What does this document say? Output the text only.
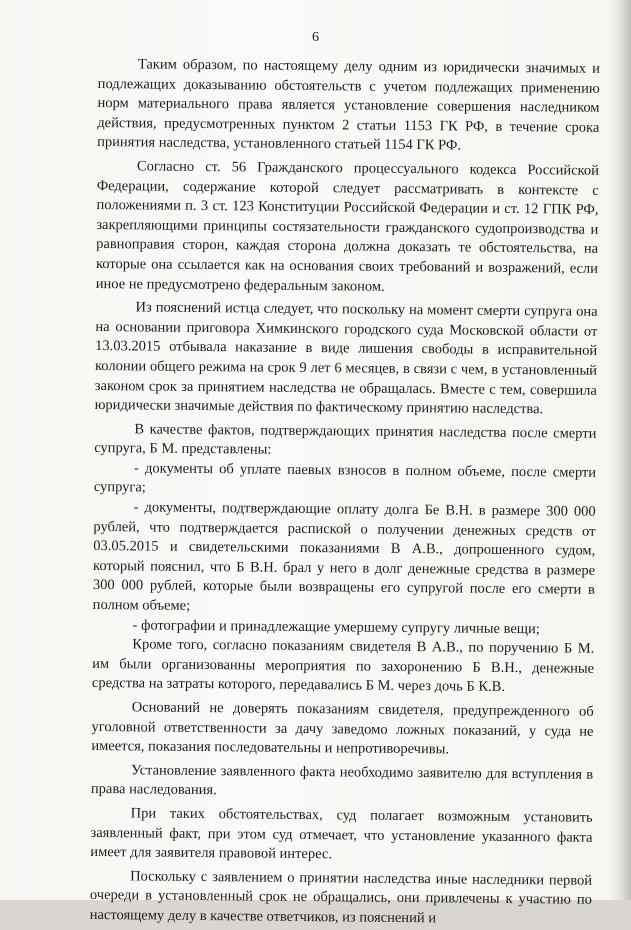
6

Таким образом, по настоящему делу одним из юридически значимых и подлежащих доказыванию обстоятельств с учетом подлежащих применению норм материального права является установление совершения наследником действия, предусмотренных пунктом 2 статьи 1153 ГК РФ, в течение срока принятия наследства, установленного статьей 1154 ГК РФ.

Согласно ст. 56 Гражданского процессуального кодекса Российской Федерации, содержание которой следует рассматривать в контексте с положениями п. 3 ст. 123 Конституции Российской Федерации и ст. 12 ГПК РФ, закрепляющими принципы состязательности гражданского судопроизводства и равноправия сторон, каждая сторона должна доказать те обстоятельства, на которые она ссылается как на основания своих требований и возражений, если иное не предусмотрено федеральным законом.

Из пояснений истца следует, что поскольку на момент смерти супруга она на основании приговора Химкинского городского суда Московской области от 13.03.2015 отбывала наказание в виде лишения свободы в исправительной колонии общего режима на срок 9 лет 6 месяцев, в связи с чем, в установленный законом срок за принятием наследства не обращалась. Вместе с тем, совершила юридически значимые действия по фактическому принятию наследства.

В качестве фактов, подтверждающих принятия наследства после смерти супруга, Б М. представлены:

- документы об уплате паевых взносов в полном объеме, после смерти супруга;

- документы, подтверждающие оплату долга Бе В.Н. в размере 300 000 рублей, что подтверждается распиской о получении денежных средств от 03.05.2015 и свидетельскими показаниями В А.В., допрошенного судом, который пояснил, что Б В.Н. брал у него в долг денежные средства в размере 300 000 рублей, которые были возвращены его супругой после его смерти в полном объеме;

- фотографии и принадлежащие умершему супругу личные вещи;

Кроме того, согласно показаниям свидетеля В А.В., по поручению Б М. им были организованны мероприятия по захоронению Б В.Н., денежные средства на затраты которого, передавались Б М. через дочь Б К.В.

Оснований не доверять показаниям свидетеля, предупрежденного об уголовной ответственности за дачу заведомо ложных показаний, у суда не имеется, показания последовательны и непротиворечивы.

Установление заявленного факта необходимо заявителю для вступления в права наследования.

При таких обстоятельствах, суд полагает возможным установить заявленный факт, при этом суд отмечает, что установление указанного факта имеет для заявителя правовой интерес.

Поскольку с заявлением о принятии наследства иные наследники первой очереди в установленный срок не обращались, они привлечены к участию по настоящему делу в качестве ответчиков, из пояснений и
